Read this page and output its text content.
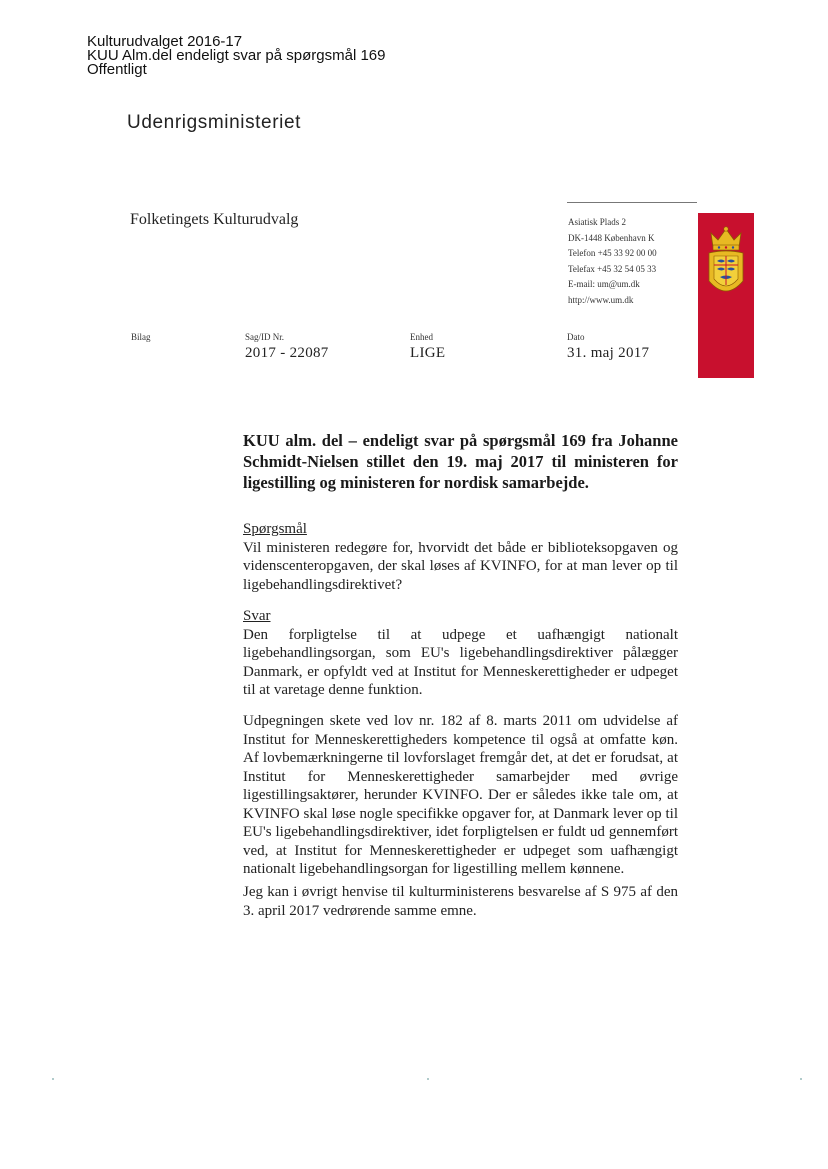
Kulturudvalget 2016-17
KUU Alm.del endeligt svar på spørgsmål 169
Offentligt
Udenrigsministeriet
Folketingets Kulturudvalg	Asiatisk Plads 2
DK-1448 København K
Telefon +45 33 92 00 00
Telefax +45 32 54 05 33
E-mail: um@um.dk
http://www.um.dk
Bilag	Sag/ID Nr.
2017 - 22087
Enhed
LIGE
Dato
31. maj 2017
KUU alm. del – endeligt svar på spørgsmål 169 fra Johanne Schmidt-Nielsen stillet den 19. maj 2017 til ministeren for ligestilling og ministeren for nordisk samarbejde.
Spørgsmål
Vil ministeren redegøre for, hvorvidt det både er biblioteksopgaven og videnscenteropgaven, der skal løses af KVINFO, for at man lever op til ligebehandlingsdirektivet?
Svar
Den forpligtelse til at udpege et uafhængigt nationalt ligebehandlingsorgan, som EU's ligebehandlingsdirektiver pålægger Danmark, er opfyldt ved at Institut for Menneskerettigheder er udpeget til at varetage denne funktion.
Udpegningen skete ved lov nr. 182 af 8. marts 2011 om udvidelse af Institut for Menneskerettigheders kompetence til også at omfatte køn. Af lovbemærkningerne til lovforslaget fremgår det, at det er forudsat, at Institut for Menneskerettigheder samarbejder med øvrige ligestillingsaktører, herunder KVINFO. Der er således ikke tale om, at KVINFO skal løse nogle specifikke opgaver for, at Danmark lever op til EU's ligebehandlingsdirektiver, idet forpligtelsen er fuldt ud gennemført ved, at Institut for Menneskerettigheder er udpeget som uafhængigt nationalt ligebehandlingsorgan for ligestilling mellem kønnene.
Jeg kan i øvrigt henvise til kulturministerens besvarelse af S 975 af den 3. april 2017 vedrørende samme emne.
